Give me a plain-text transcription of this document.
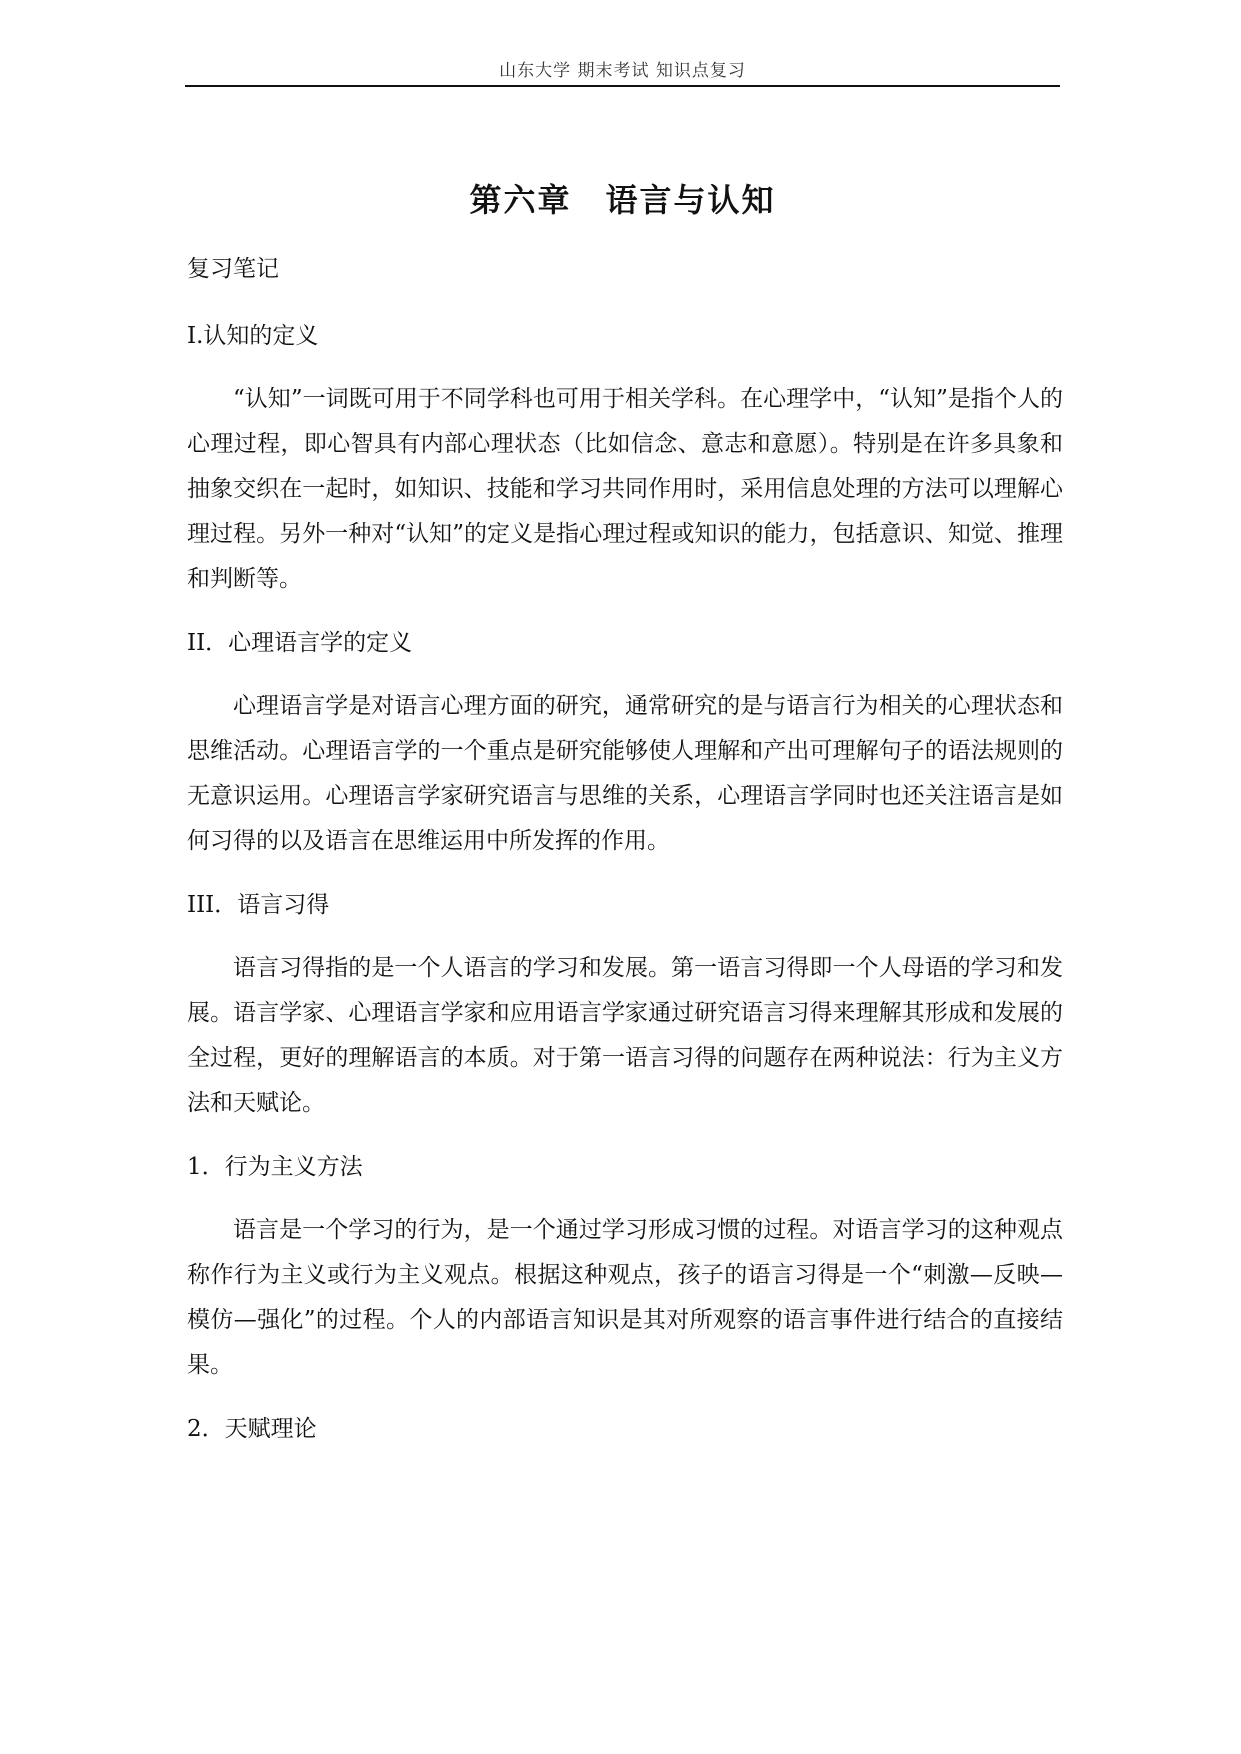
山东大学 期末考试 知识点复习
第六章　语言与认知

复习笔记

I.认知的定义

“认知”一词既可用于不同学科也可用于相关学科。在心理学中，“认知”是指个人的心理过程，即心智具有内部心理状态（比如信念、意志和意愿）。特别是在许多具象和抽象交织在一起时，如知识、技能和学习共同作用时，采用信息处理的方法可以理解心理过程。另外一种对“认知”的定义是指心理过程或知识的能力，包括意识、知觉、推理和判断等。

II．心理语言学的定义

心理语言学是对语言心理方面的研究，通常研究的是与语言行为相关的心理状态和思维活动。心理语言学的一个重点是研究能够使人理解和产出可理解句子的语法规则的无意识运用。心理语言学家研究语言与思维的关系，心理语言学同时也还关注语言是如何习得的以及语言在思维运用中所发挥的作用。

III．语言习得

语言习得指的是一个人语言的学习和发展。第一语言习得即一个人母语的学习和发展。语言学家、心理语言学家和应用语言学家通过研究语言习得来理解其形成和发展的全过程，更好的理解语言的本质。对于第一语言习得的问题存在两种说法：行为主义方法和天赋论。

1．行为主义方法

语言是一个学习的行为，是一个通过学习形成习惯的过程。对语言学习的这种观点称作行为主义或行为主义观点。根据这种观点，孩子的语言习得是一个“刺激—反映—模仿—强化”的过程。个人的内部语言知识是其对所观察的语言事件进行结合的直接结果。

2．天赋理论
